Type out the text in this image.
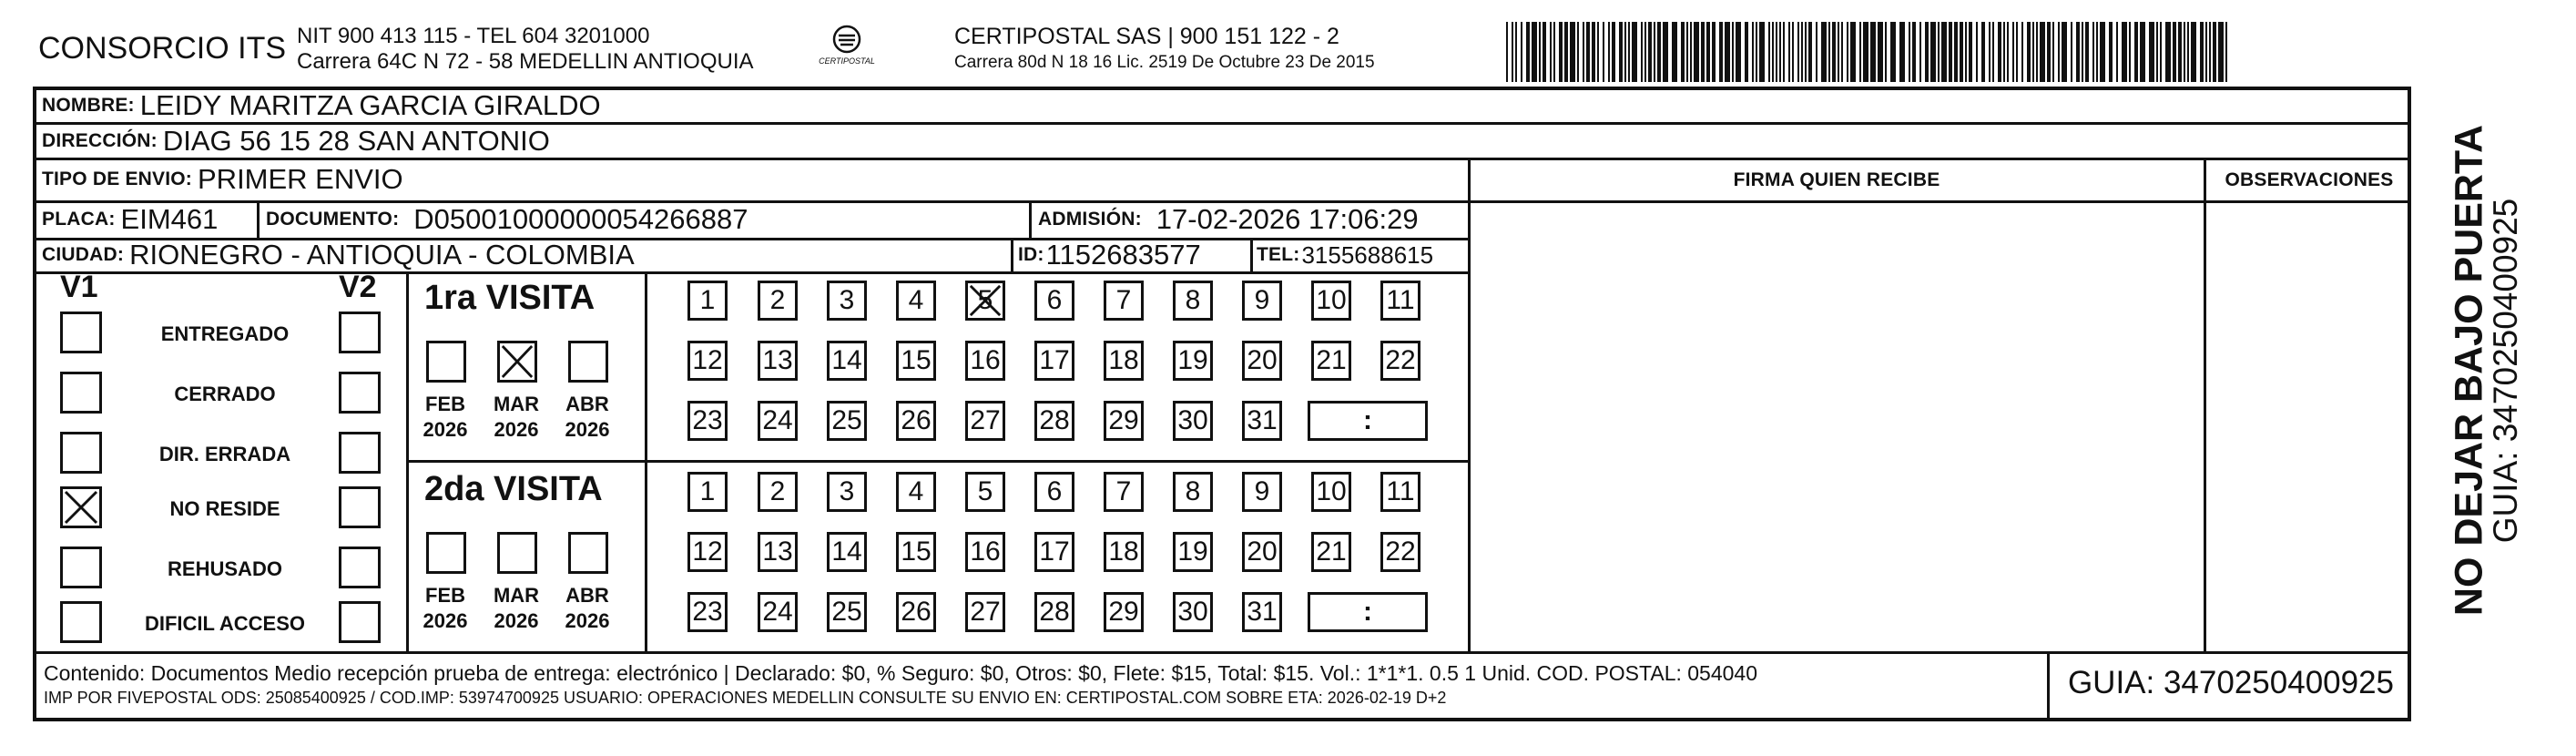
CONSORCIO ITS NIT 900 413 115 - TEL 604 3201000
Carrera 64C N 72 - 58 MEDELLIN ANTIOQUIA	CERTIPOSTAL
CERTIPOSTAL SAS | 900 151 122 - 2
Carrera 80d N 18 16 Lic. 2519 De Octubre 23 De 2015
NOMBRE: LEIDY MARITZA GARCIA GIRALDO
DIRECCIÓN: DIAG 56 15 28 SAN ANTONIO
TIPO DE ENVIO: PRIMER ENVIO	FIRMA QUIEN RECIBE	OBSERVACIONES
PLACA: EIM461	DOCUMENTO: D0500100000005426688​7	ADMISIÓN: 17-02-2026 17:06:29
CIUDAD: RIONEGRO - ANTIOQUIA - COLOMBIA	ID: 1152683577	TEL: 3155688615
V1	V2
ENTREGADO
CERRADO
DIR. ERRADA
NO RESIDE
REHUSADO
DIFICIL ACCESO
1ra VISITA
FEB
2026
MAR
2026
ABR
2026
1	2	3	4	5	6	7	8	9	10 11
12 13 14 15 16 17 18 19 20 21 22
23 24 25 26 27 28 29 30 31	:
2da VISITA
FEB
2026
MAR
2026
ABR
2026
1	2	3	4	5	6	7	8	9	10 11
12 13 14 15 16 17 18 19 20 21 22
23 24 25 26 27 28 29 30 31	:
Contenido: Documentos Medio recepción prueba de entrega: electrónico | Declarado: $0, % Seguro: $0, Otros: $0, Flete: $15, Total: $15. Vol.: 1*1*1. 0.5 1 Unid. COD. POSTAL: 054040
IMP POR FIVEPOSTAL ODS: 25085400925 / COD.IMP: 53974700925 USUARIO: OPERACIONES MEDELLIN CONSULTE SU ENVIO EN: CERTIPOSTAL.COM SOBRE ETA: 2026-02-19 D+2	GUIA: 3470250400925
NO DEJAR BAJO PUERTA
GUIA: 3470250400925
